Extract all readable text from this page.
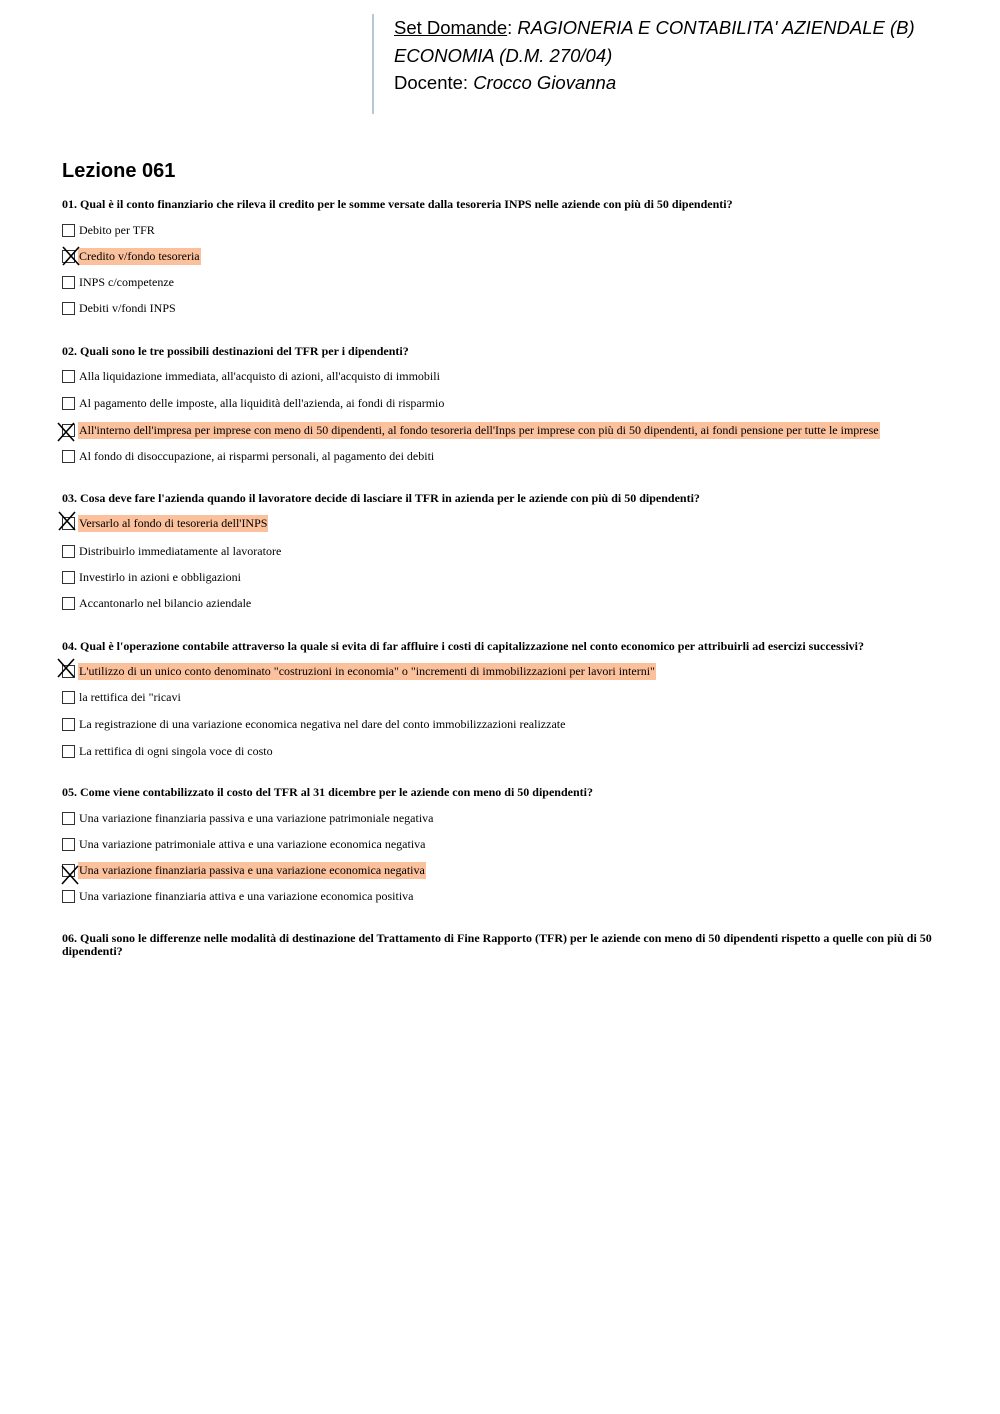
Set Domande: RAGIONERIA E CONTABILITA' AZIENDALE (B)
ECONOMIA (D.M. 270/04)
Docente: Crocco Giovanna
Lezione 061

01. Qual è il conto finanziario che rileva il credito per le somme versate dalla tesoreria INPS nelle aziende con più di 50 dipendenti?

Debito per TFR
Credito v/fondo tesoreria
INPS c/competenze
Debiti v/fondi INPS

02. Quali sono le tre possibili destinazioni del TFR per i dipendenti?

Alla liquidazione immediata, all'acquisto di azioni, all'acquisto di immobili
Al pagamento delle imposte, alla liquidità dell'azienda, ai fondi di risparmio
All'interno dell'impresa per imprese con meno di 50 dipendenti, al fondo tesoreria dell'Inps per imprese con più di 50 dipendenti, ai fondi pensione per tutte le imprese
Al fondo di disoccupazione, ai risparmi personali, al pagamento dei debiti

03. Cosa deve fare l'azienda quando il lavoratore decide di lasciare il TFR in azienda per le aziende con più di 50 dipendenti?

Versarlo al fondo di tesoreria dell'INPS
Distribuirlo immediatamente al lavoratore
Investirlo in azioni e obbligazioni
Accantonarlo nel bilancio aziendale

04. Qual è l'operazione contabile attraverso la quale si evita di far affluire i costi di capitalizzazione nel conto economico per attribuirli ad esercizi successivi?

L'utilizzo di un unico conto denominato "costruzioni in economia" o "incrementi di immobilizzazioni per lavori interni"
la rettifica dei "ricavi
La registrazione di una variazione economica negativa nel dare del conto immobilizzazioni realizzate
La rettifica di ogni singola voce di costo

05. Come viene contabilizzato il costo del TFR al 31 dicembre per le aziende con meno di 50 dipendenti?

Una variazione finanziaria passiva e una variazione patrimoniale negativa
Una variazione patrimoniale attiva e una variazione economica negativa
Una variazione finanziaria passiva e una variazione economica negativa
Una variazione finanziaria attiva e una variazione economica positiva

06. Quali sono le differenze nelle modalità di destinazione del Trattamento di Fine Rapporto (TFR) per le aziende con meno di 50 dipendenti rispetto a quelle con più di 50 dipendenti?
